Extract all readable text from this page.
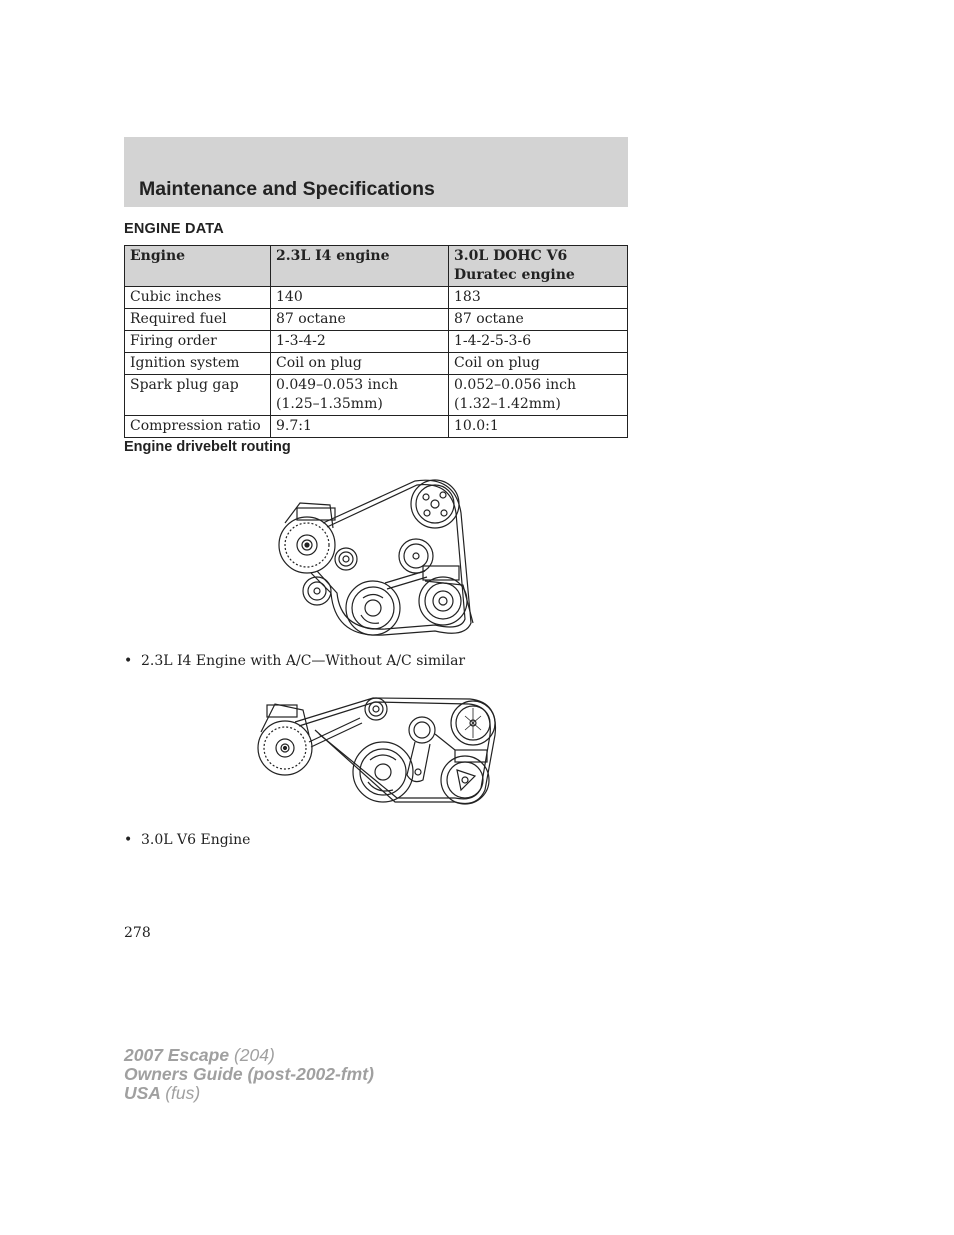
Maintenance and Specifications
ENGINE DATA
Engine	2.3L I4 engine	3.0L DOHC V6 Duratec engine
Cubic inches	140	183
Required fuel	87 octane	87 octane
Firing order	1-3-4-2	1-4-2-5-3-6
Ignition system	Coil on plug	Coil on plug
Spark plug gap	0.049–0.053 inch (1.25–1.35mm)	0.052–0.056 inch (1.32–1.42mm)
Compression ratio	9.7:1	10.0:1
Engine drivebelt routing
• 2.3L I4 Engine with A/C—Without A/C similar
• 3.0L V6 Engine
278
2007 Escape (204)
Owners Guide (post-2002-fmt)
USA (fus)
